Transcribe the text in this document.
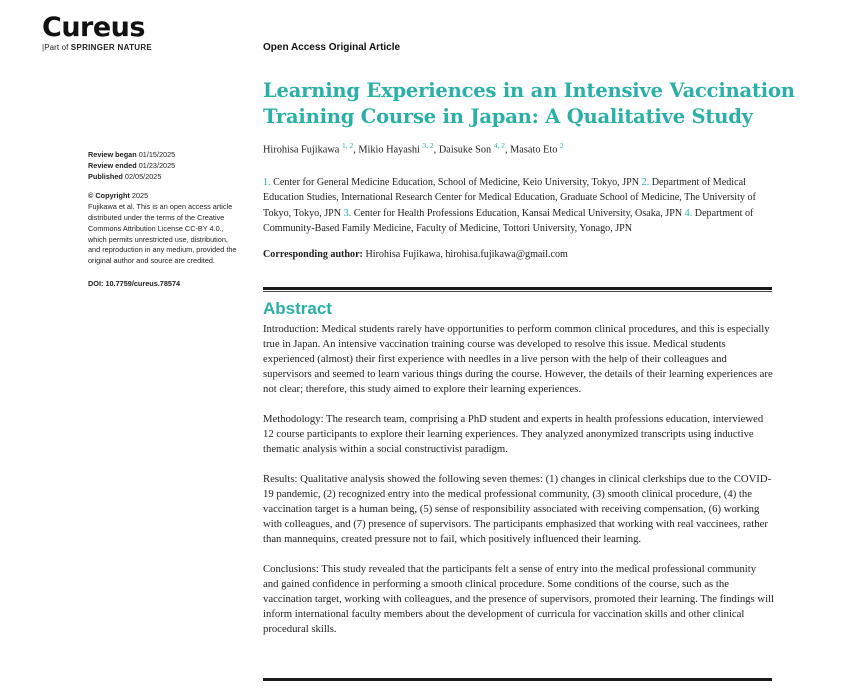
Cureus
|Part of SPRINGER NATURE	Open Access Original Article
Learning Experiences in an Intensive Vaccination Training Course in Japan: A Qualitative Study
Hirohisa Fujikawa $^{1, 2}$, Mikio Hayashi $^{3, 2}$, Daisuke Son $^{4, 2}$, Masato Eto $^2$
1. Center for General Medicine Education, School of Medicine, Keio University, Tokyo, JPN 2. Department of Medical Education Studies, International Research Center for Medical Education, Graduate School of Medicine, The University of Tokyo, Tokyo, JPN 3. Center for Health Professions Education, Kansai Medical University, Osaka, JPN 4. Department of Community-Based Family Medicine, Faculty of Medicine, Tottori University, Yonago, JPN
Corresponding author: Hirohisa Fujikawa, hirohisa.fujikawa@gmail.com
Abstract

Introduction: Medical students rarely have opportunities to perform common clinical procedures, and this is especially true in Japan. An intensive vaccination training course was developed to resolve this issue. Medical students experienced (almost) their first experience with needles in a live person with the help of their colleagues and supervisors and seemed to learn various things during the course. However, the details of their learning experiences are not clear; therefore, this study aimed to explore their learning experiences.

Methodology: The research team, comprising a PhD student and experts in health professions education, interviewed 12 course participants to explore their learning experiences. They analyzed anonymized transcripts using inductive thematic analysis within a social constructivist paradigm.

Results: Qualitative analysis showed the following seven themes: (1) changes in clinical clerkships due to the COVID-19 pandemic, (2) recognized entry into the medical professional community, (3) smooth clinical procedure, (4) the vaccination target is a human being, (5) sense of responsibility associated with receiving compensation, (6) working with colleagues, and (7) presence of supervisors. The participants emphasized that working with real vaccinees, rather than mannequins, created pressure not to fail, which positively influenced their learning.

Conclusions: This study revealed that the participants felt a sense of entry into the medical professional community and gained confidence in performing a smooth clinical procedure. Some conditions of the course, such as the vaccination target, working with colleagues, and the presence of supervisors, promoted their learning. The findings will inform international faculty members about the development of curricula for vaccination skills and other clinical procedural skills.

Review began 01/15/2025
Review ended 01/23/2025
Published 02/05/2025
© Copyright 2025
Fujikawa et al. This is an open access article distributed under the terms of the Creative Commons Attribution License CC-BY 4.0., which permits unrestricted use, distribution, and reproduction in any medium, provided the original author and source are credited.
DOI: 10.7759/cureus.78574
